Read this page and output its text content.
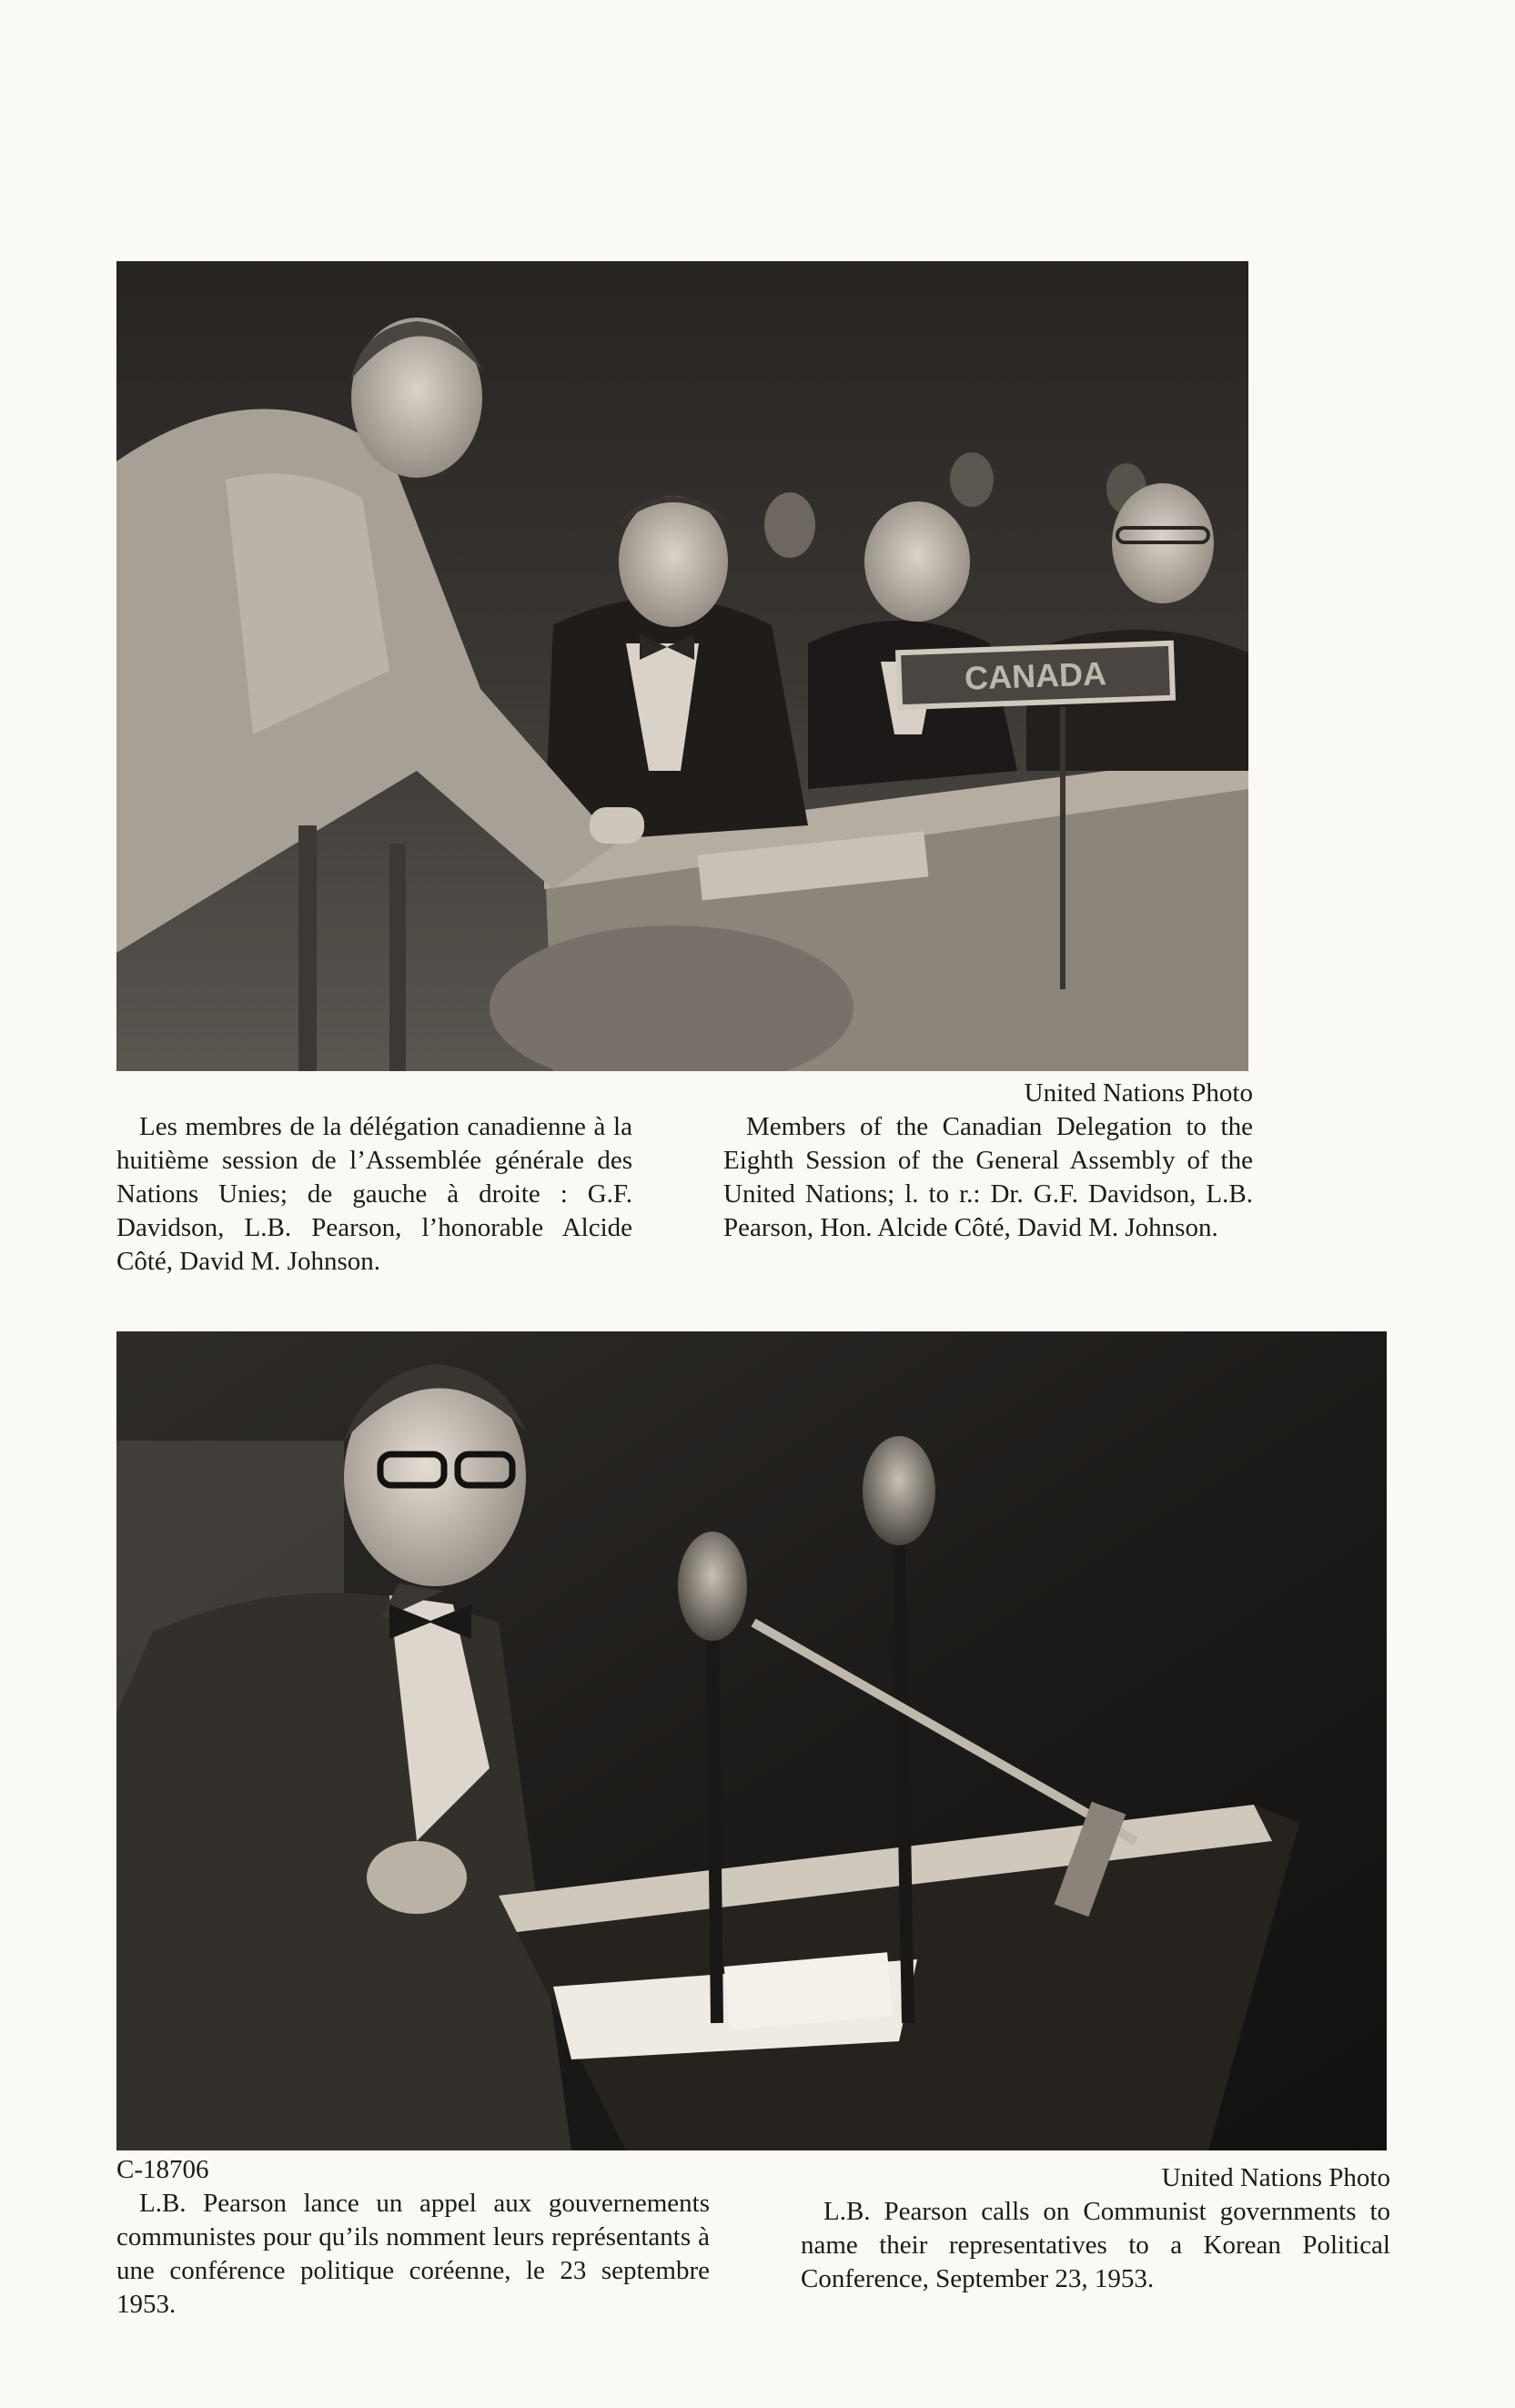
CANADA

Les membres de la délégation canadienne à la huitième session de l’Assemblée générale des Nations Unies; de gauche à droite : G.F. Davidson, L.B. Pearson, l’honorable Alcide Côté, David M. Johnson.

United Nations Photo

Members of the Canadian Delegation to the Eighth Session of the General Assembly of the United Nations; l. to r.: Dr. G.F. Davidson, L.B. Pearson, Hon. Alcide Côté, David M. Johnson.

C-18706

L.B. Pearson lance un appel aux gouvernements communistes pour qu’ils nomment leurs représentants à une conférence politique coréenne, le 23 septembre 1953.

United Nations Photo

L.B. Pearson calls on Communist governments to name their representatives to a Korean Political Conference, September 23, 1953.
